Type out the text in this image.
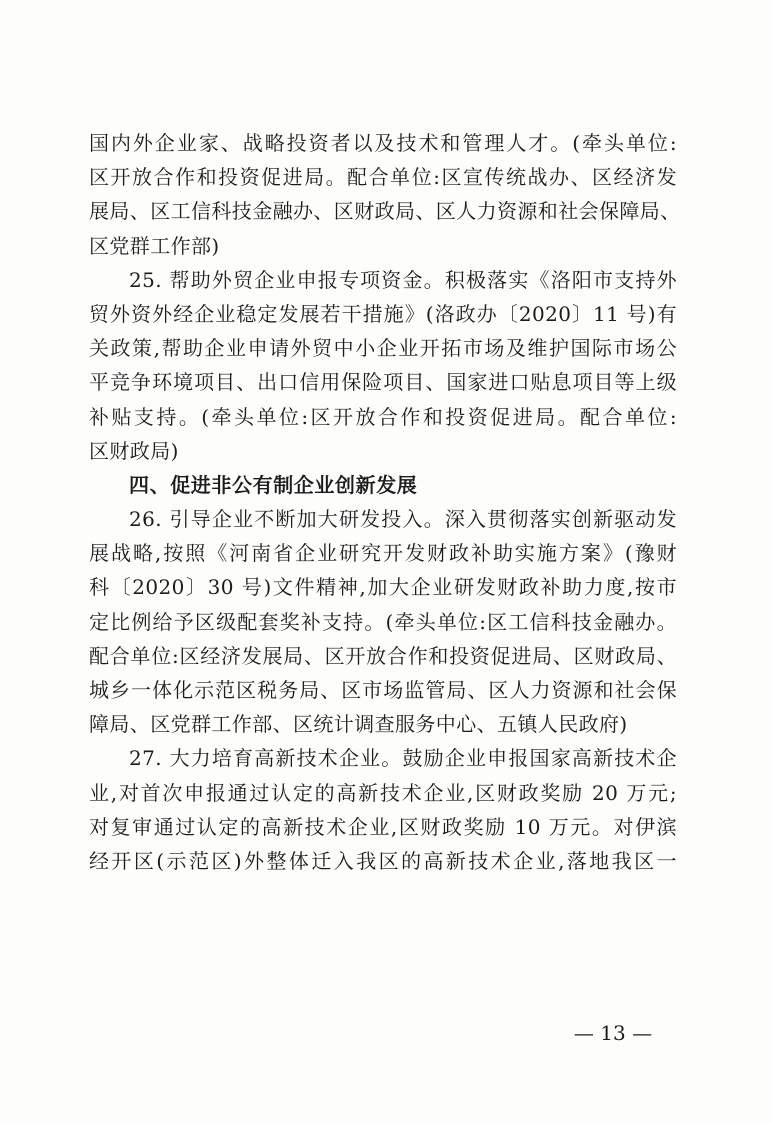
国内外企业家、战略投资者以及技术和管理人才。(牵头单位:
区开放合作和投资促进局。配合单位:区宣传统战办、区经济发
展局、区工信科技金融办、区财政局、区人力资源和社会保障局、
区党群工作部)
25. 帮助外贸企业申报专项资金。积极落实《洛阳市支持外
贸外资外经企业稳定发展若干措施》(洛政办〔2020〕11 号)有
关政策,帮助企业申请外贸中小企业开拓市场及维护国际市场公
平竞争环境项目、出口信用保险项目、国家进口贴息项目等上级
补贴支持。(牵头单位:区开放合作和投资促进局。配合单位:
区财政局)
四、促进非公有制企业创新发展
26. 引导企业不断加大研发投入。深入贯彻落实创新驱动发
展战略,按照《河南省企业研究开发财政补助实施方案》(豫财
科〔2020〕30 号)文件精神,加大企业研发财政补助力度,按市
定比例给予区级配套奖补支持。(牵头单位:区工信科技金融办。
配合单位:区经济发展局、区开放合作和投资促进局、区财政局、
城乡一体化示范区税务局、区市场监管局、区人力资源和社会保
障局、区党群工作部、区统计调查服务中心、五镇人民政府)
27. 大力培育高新技术企业。鼓励企业申报国家高新技术企
业,对首次申报通过认定的高新技术企业,区财政奖励 20 万元;
对复审通过认定的高新技术企业,区财政奖励 10 万元。对伊滨
经开区(示范区)外整体迁入我区的高新技术企业,落地我区一
— 13 —
